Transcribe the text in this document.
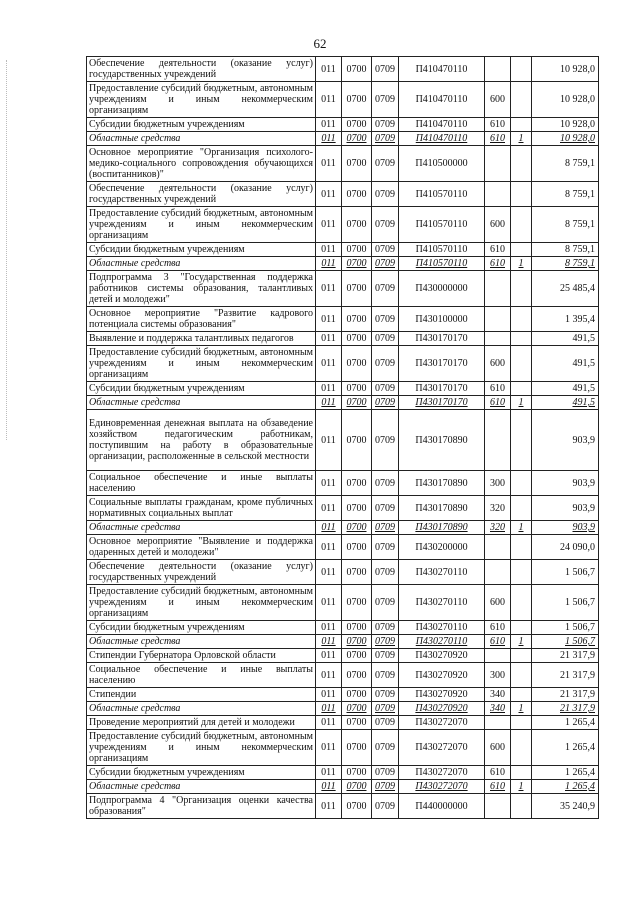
62
Обеспечение деятельности (оказание услуг) государственных учреждений	011	0700	0709	П410470110			10 928,0
Предоставление субсидий бюджетным, автономным учреждениям и иным некоммерческим организациям	011	0700	0709	П410470110	600		10 928,0
Субсидии бюджетным учреждениям	011	0700	0709	П410470110	610		10 928,0
Областные средства	011	0700	0709	П410470110	610	1	10 928,0
Основное мероприятие "Организация психолого-медико-социального сопровождения обучающихся (воспитанников)"	011	0700	0709	П410500000			8 759,1
Обеспечение деятельности (оказание услуг) государственных учреждений	011	0700	0709	П410570110			8 759,1
Предоставление субсидий бюджетным, автономным учреждениям и иным некоммерческим организациям	011	0700	0709	П410570110	600		8 759,1
Субсидии бюджетным учреждениям	011	0700	0709	П410570110	610		8 759,1
Областные средства	011	0700	0709	П410570110	610	1	8 759,1
Подпрограмма 3 "Государственная поддержка работников системы образования, талантливых детей и молодежи"	011	0700	0709	П430000000			25 485,4
Основное мероприятие "Развитие кадрового потенциала системы образования"	011	0700	0709	П430100000			1 395,4
Выявление и поддержка талантливых педагогов	011	0700	0709	П430170170			491,5
Предоставление субсидий бюджетным, автономным учреждениям и иным некоммерческим организациям	011	0700	0709	П430170170	600		491,5
Субсидии бюджетным учреждениям	011	0700	0709	П430170170	610		491,5
Областные средства	011	0700	0709	П430170170	610	1	491,5
Единовременная денежная выплата на обзаведение хозяйством педагогическим работникам, поступившим на работу в образовательные организации, расположенные в сельской местности	011	0700	0709	П430170890			903,9
Социальное обеспечение и иные выплаты населению	011	0700	0709	П430170890	300		903,9
Социальные выплаты гражданам, кроме публичных нормативных социальных выплат	011	0700	0709	П430170890	320		903,9
Областные средства	011	0700	0709	П430170890	320	1	903,9
Основное мероприятие "Выявление и поддержка одаренных детей и молодежи"	011	0700	0709	П430200000			24 090,0
Обеспечение деятельности (оказание услуг) государственных учреждений	011	0700	0709	П430270110			1 506,7
Предоставление субсидий бюджетным, автономным учреждениям и иным некоммерческим организациям	011	0700	0709	П430270110	600		1 506,7
Субсидии бюджетным учреждениям	011	0700	0709	П430270110	610		1 506,7
Областные средства	011	0700	0709	П430270110	610	1	1 506,7
Стипендии Губернатора Орловской области	011	0700	0709	П430270920			21 317,9
Социальное обеспечение и иные выплаты населению	011	0700	0709	П430270920	300		21 317,9
Стипендии	011	0700	0709	П430270920	340		21 317,9
Областные средства	011	0700	0709	П430270920	340	1	21 317,9
Проведение мероприятий для детей и молодежи	011	0700	0709	П430272070			1 265,4
Предоставление субсидий бюджетным, автономным учреждениям и иным некоммерческим организациям	011	0700	0709	П430272070	600		1 265,4
Субсидии бюджетным учреждениям	011	0700	0709	П430272070	610		1 265,4
Областные средства	011	0700	0709	П430272070	610	1	1 265,4
Подпрограмма 4 "Организация оценки качества образования"	011	0700	0709	П440000000			35 240,9
